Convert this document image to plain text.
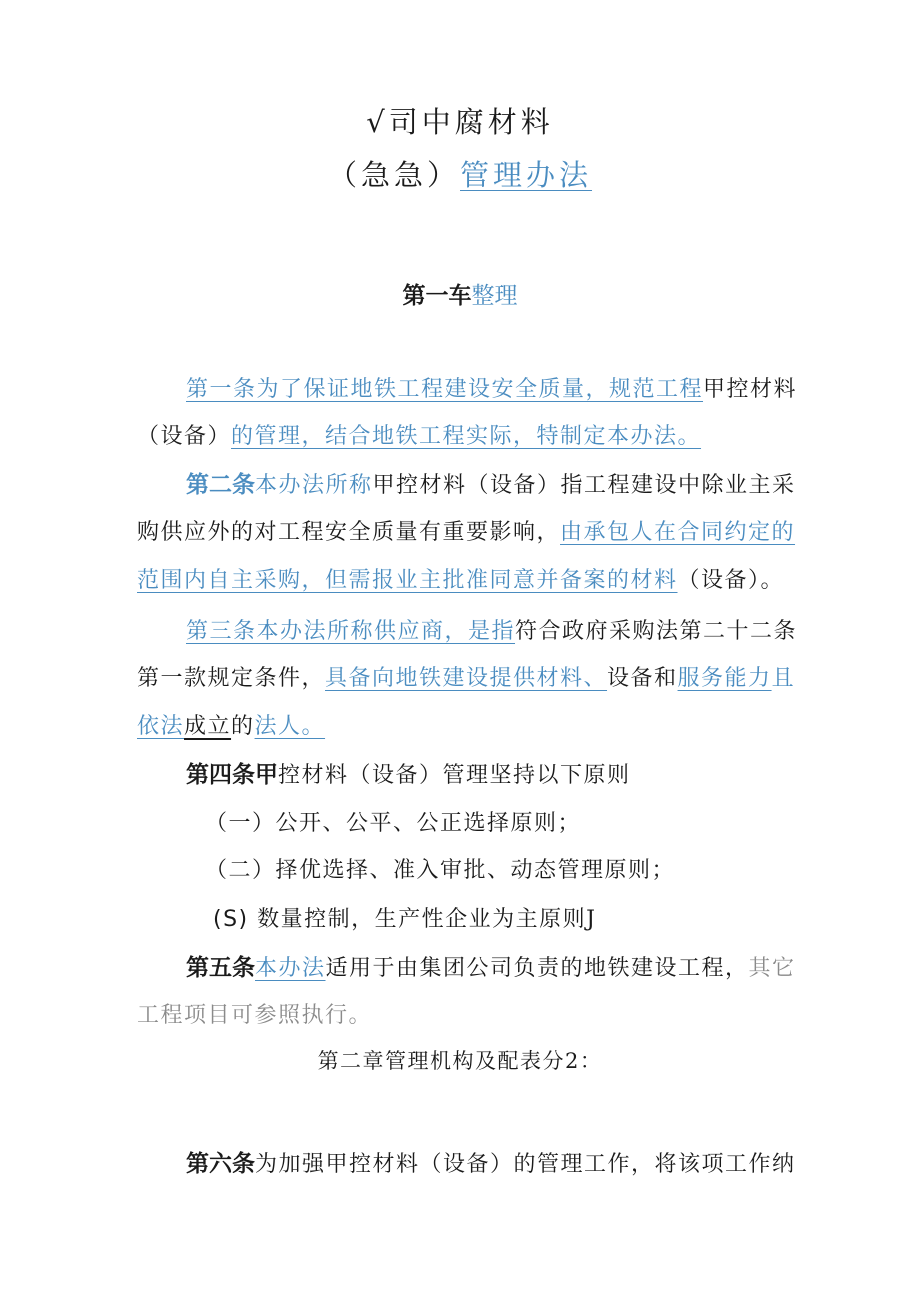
√司中腐材料
（急急）管理办法
第一车整理
第一条为了保证地铁工程建设安全质量，规范工程甲控材料
（设备）的管理，结合地铁工程实际，特制定本办法。
第二条本办法所称甲控材料（设备）指工程建设中除业主采
购供应外的对工程安全质量有重要影响，由承包人在合同约定的
范围内自主采购，但需报业主批准同意并备案的材料（设备）。
第三条本办法所称供应商，是指符合政府采购法第二十二条
第一款规定条件，具备向地铁建设提供材料、设备和服务能力且
依法成立的法人。
第四条甲控材料（设备）管理坚持以下原则
（一）公开、公平、公正选择原则；
（二）择优选择、准入审批、动态管理原则；
(S) 数量控制，生产性企业为主原则J
第五条本办法适用于由集团公司负责的地铁建设工程，其它
工程项目可参照执行。
第二章管理机构及配表分2：
第六条为加强甲控材料（设备）的管理工作，将该项工作纳
